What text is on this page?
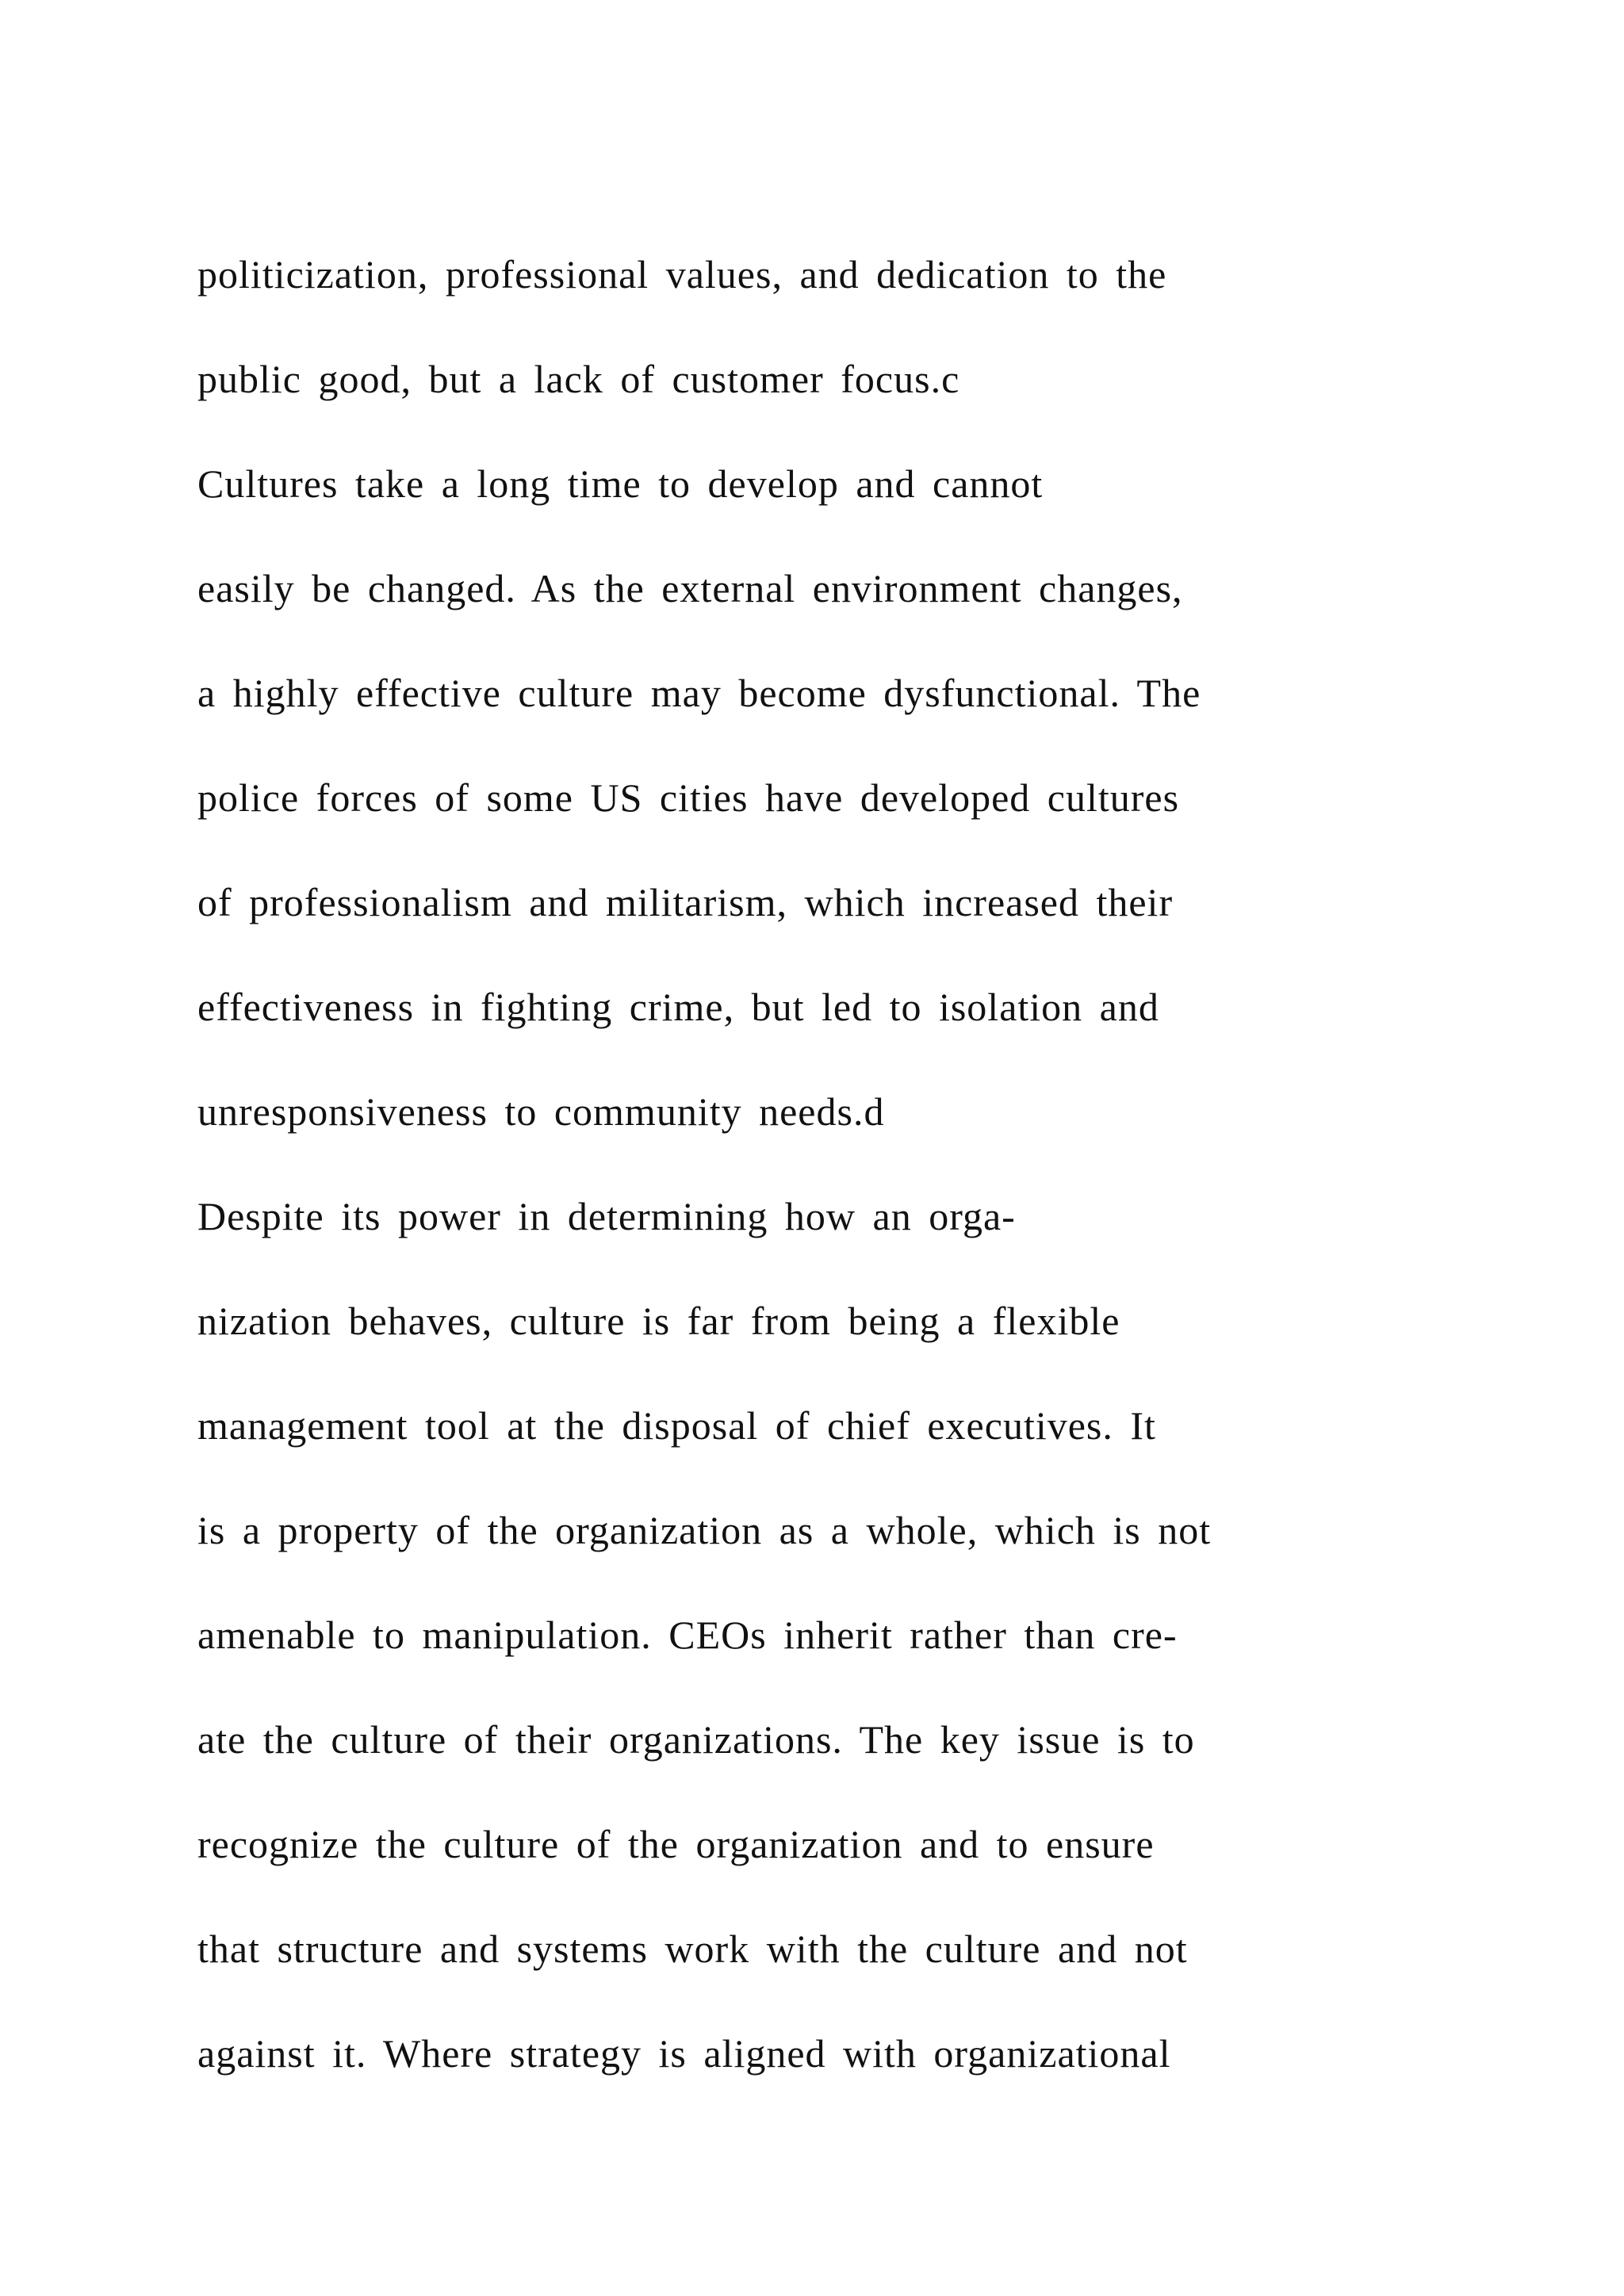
politicization, professional values, and dedication to the
public good, but a lack of customer focus.c
Cultures take a long time to develop and cannot
easily be changed. As the external environment changes,
a highly effective culture may become dysfunctional. The
police forces of some US cities have developed cultures
of professionalism and militarism, which increased their
effectiveness in fighting crime, but led to isolation and
unresponsiveness to community needs.d
Despite its power in determining how an orga-
nization behaves, culture is far from being a flexible
management tool at the disposal of chief executives. It
is a property of the organization as a whole, which is not
amenable to manipulation. CEOs inherit rather than cre-
ate the culture of their organizations. The key issue is to
recognize the culture of the organization and to ensure
that structure and systems work with the culture and not
against it. Where strategy is aligned with organizational
